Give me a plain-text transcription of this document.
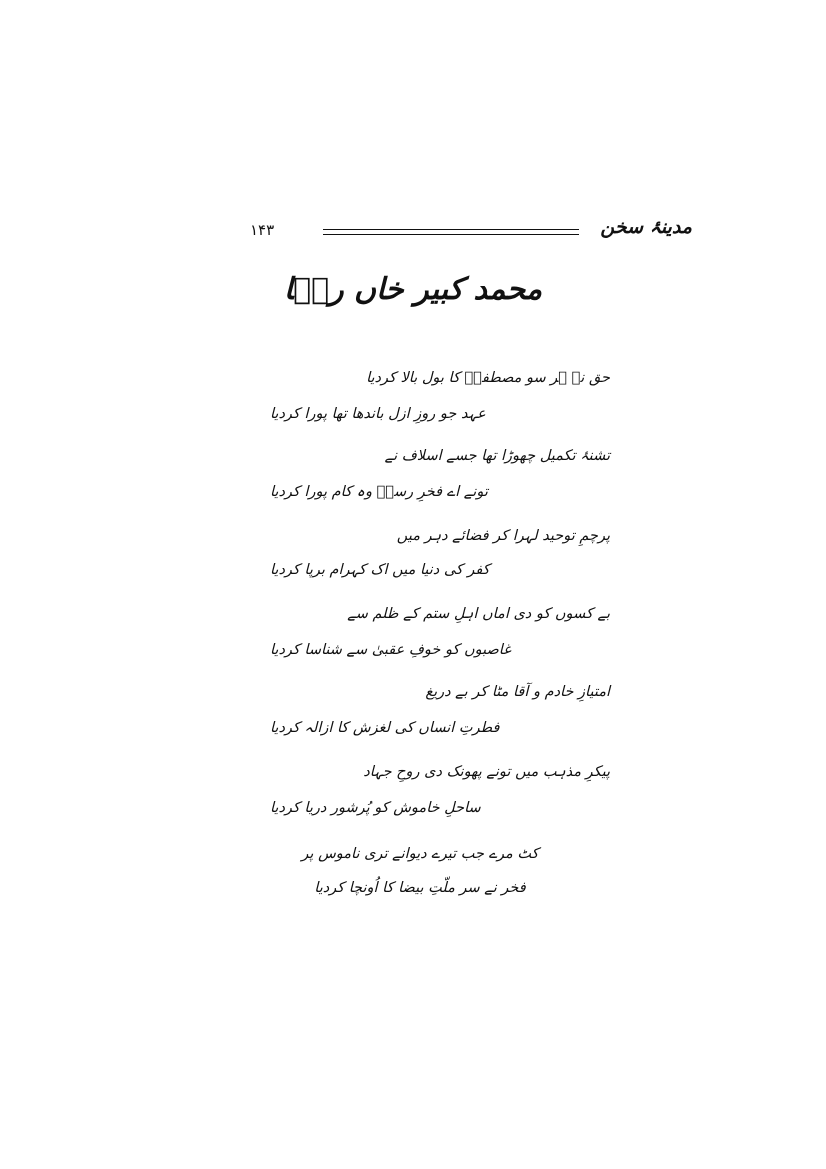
۱۴۳	مدینۂ سخن
محمد کبیر خاں رسؔا
حق نے ہر سو مصطفیؐ کا بول بالا کردیا
عہد جو روزِ ازل باندھا تھا پورا کردیا
تشنۂ تکمیل چھوڑا تھا جسے اسلاف نے
تونے اے فخرِ رسلؐ وہ کام پورا کردیا
پرچمِ توحید لہرا کر فضائے دہر میں
کفر کی دنیا میں اک کہرام برپا کردیا
بے کسوں کو دی اماں اہلِ ستم کے ظلم سے
غاصبوں کو خوفِ عقبیٰ سے شناسا کردیا
امتیازِ خادم و آقا مٹا کر بے دریغ
فطرتِ انساں کی لغزش کا ازالہ کردیا
پیکرِ مذہب میں تونے پھونک دی روحِ جہاد
ساحلِ خاموش کو پُرشور دریا کردیا
کٹ مرے جب تیرے دیوانے تری ناموس پر
فخر نے سر ملّتِ بیضا کا اُونچا کردیا
